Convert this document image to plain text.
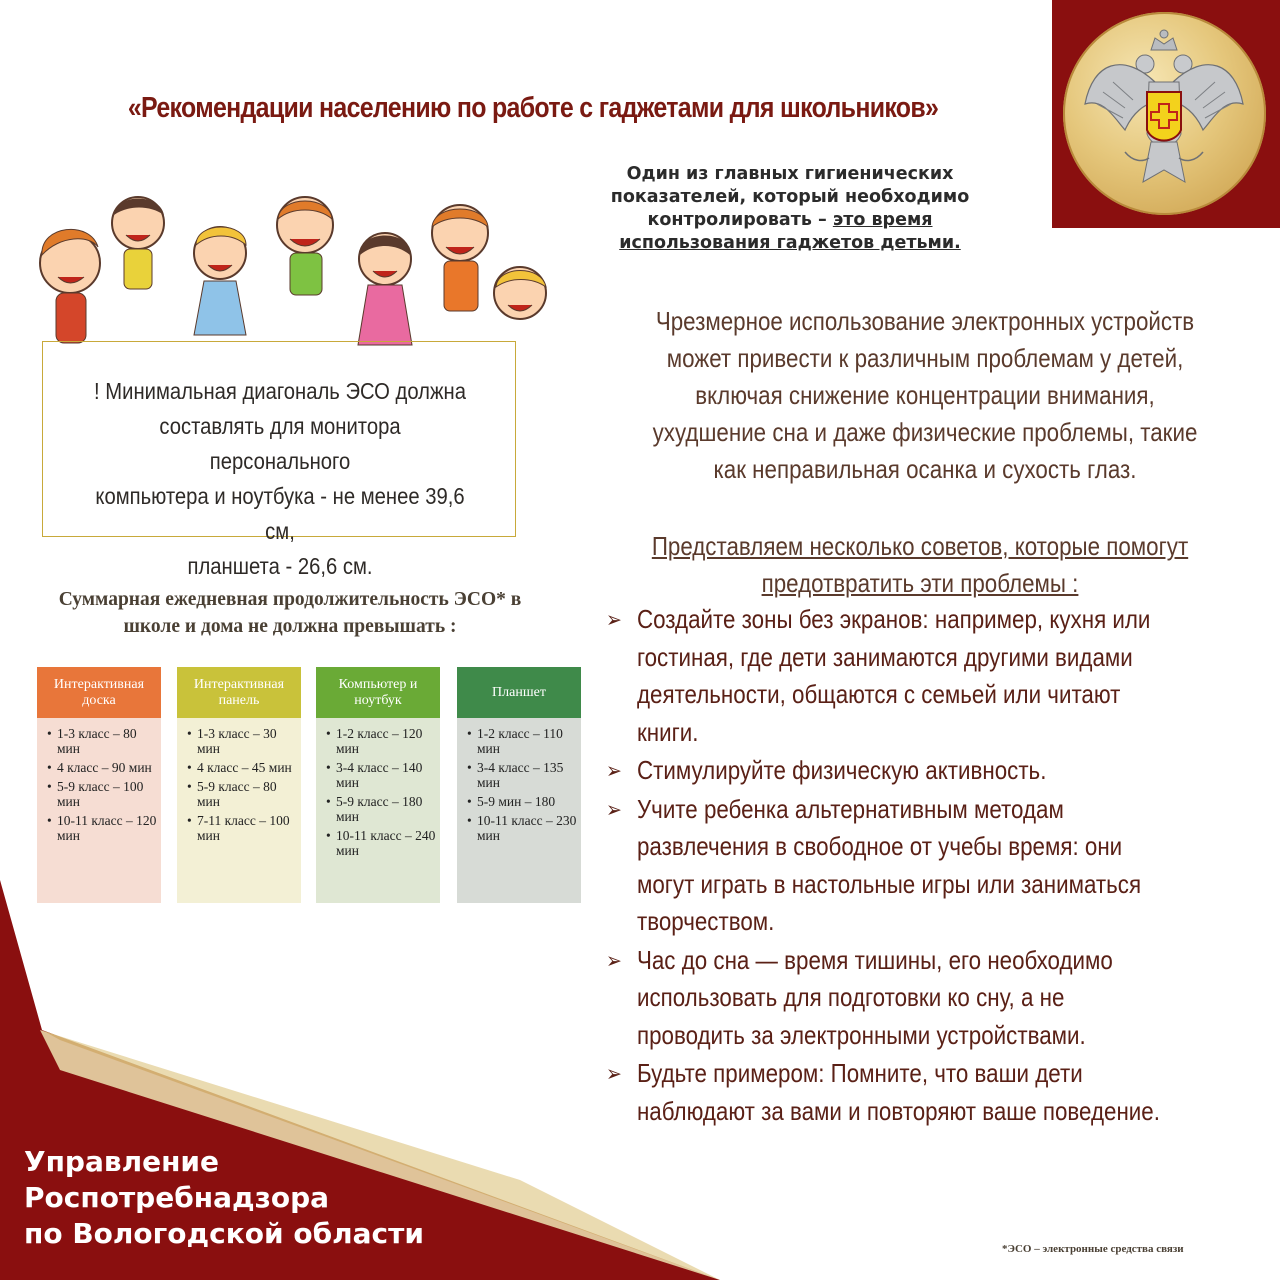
«Рекомендации населению по работе с гаджетами для школьников»
Один из главных гигиенических
показателей, который необходимо
контролировать – это время
использования гаджетов детьми.
! Минимальная диагональ ЭСО должна
составлять для монитора персонального
компьютера и ноутбука - не менее 39,6 см,
планшета - 26,6 см.
Суммарная ежедневная продолжительность ЭСО* в
школе и дома не должна превышать :
Интерактивная доска
• 1-3 класс – 80 мин
• 4 класс – 90 мин
• 5-9 класс – 100 мин
• 10-11 класс – 120 мин
Интерактивная панель
• 1-3 класс – 30 мин
• 4 класс – 45 мин
• 5-9 класс – 80 мин
• 7-11 класс – 100 мин
Компьютер и ноутбук
• 1-2 класс – 120 мин
• 3-4 класс – 140 мин
• 5-9 класс – 180 мин
• 10-11 класс – 240 мин
Планшет
• 1-2 класс – 110 мин
• 3-4 класс – 135 мин
• 5-9 мин – 180
• 10-11 класс – 230 мин
Чрезмерное использование электронных устройств
может привести к различным проблемам у детей,
включая снижение концентрации внимания,
ухудшение сна и даже физические проблемы, такие
как неправильная осанка и сухость глаз.
Представляем несколько советов, которые помогут
предотвратить эти проблемы :
➢ Создайте зоны без экранов: например, кухня или
гостиная, где дети занимаются другими видами
деятельности, общаются с семьей или читают
книги.
➢ Стимулируйте физическую активность.
➢ Учите ребенка альтернативным методам
развлечения в свободное от учебы время: они
могут играть в настольные игры или заниматься
творчеством.
➢ Час до сна — время тишины, его необходимо
использовать для подготовки ко сну, а не
проводить за электронными устройствами.
➢ Будьте примером: Помните, что ваши дети
наблюдают за вами и повторяют ваше поведение.
Управление
Роспотребнадзора
по Вологодской области	*ЭСО – электронные средства связи
